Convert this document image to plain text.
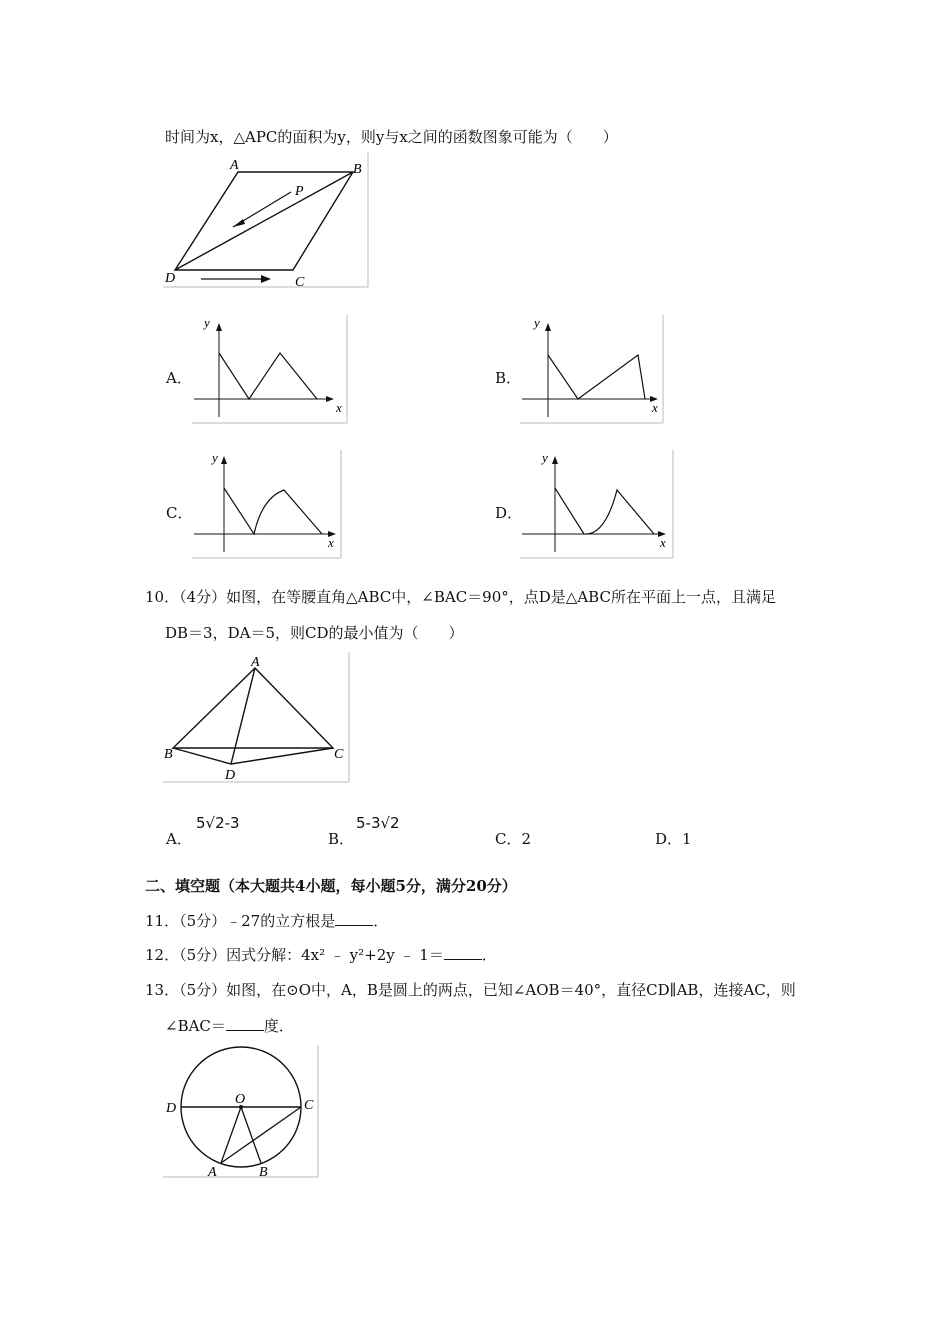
时间为x，△APC的面积为y，则y与x之间的函数图象可能为（　　）
A	B
C
D
P
A．
y
x
B．
y
x
C．
y
x
D．
y
x
10．（4分）如图，在等腰直角△ABC中，∠BAC＝90°，点D是△ABC所在平面上一点，且满足
DB＝3，DA＝5，则CD的最小值为（　　）
A
B	C
D
A．
5√2-3
B．
5-3√2
C．2	D．1
二、填空题（本大题共4小题，每小题5分，满分20分）
11．（5分）﹣27的立方根是	．
12．（5分）因式分解：4x² ﹣ y²+2y ﹣ 1＝	．
13．（5分）如图，在⊙O中，A，B是圆上的两点，已知∠AOB＝40°，直径CD∥AB，连接AC，则
∠BAC＝	度．
O
D	C
A	B
